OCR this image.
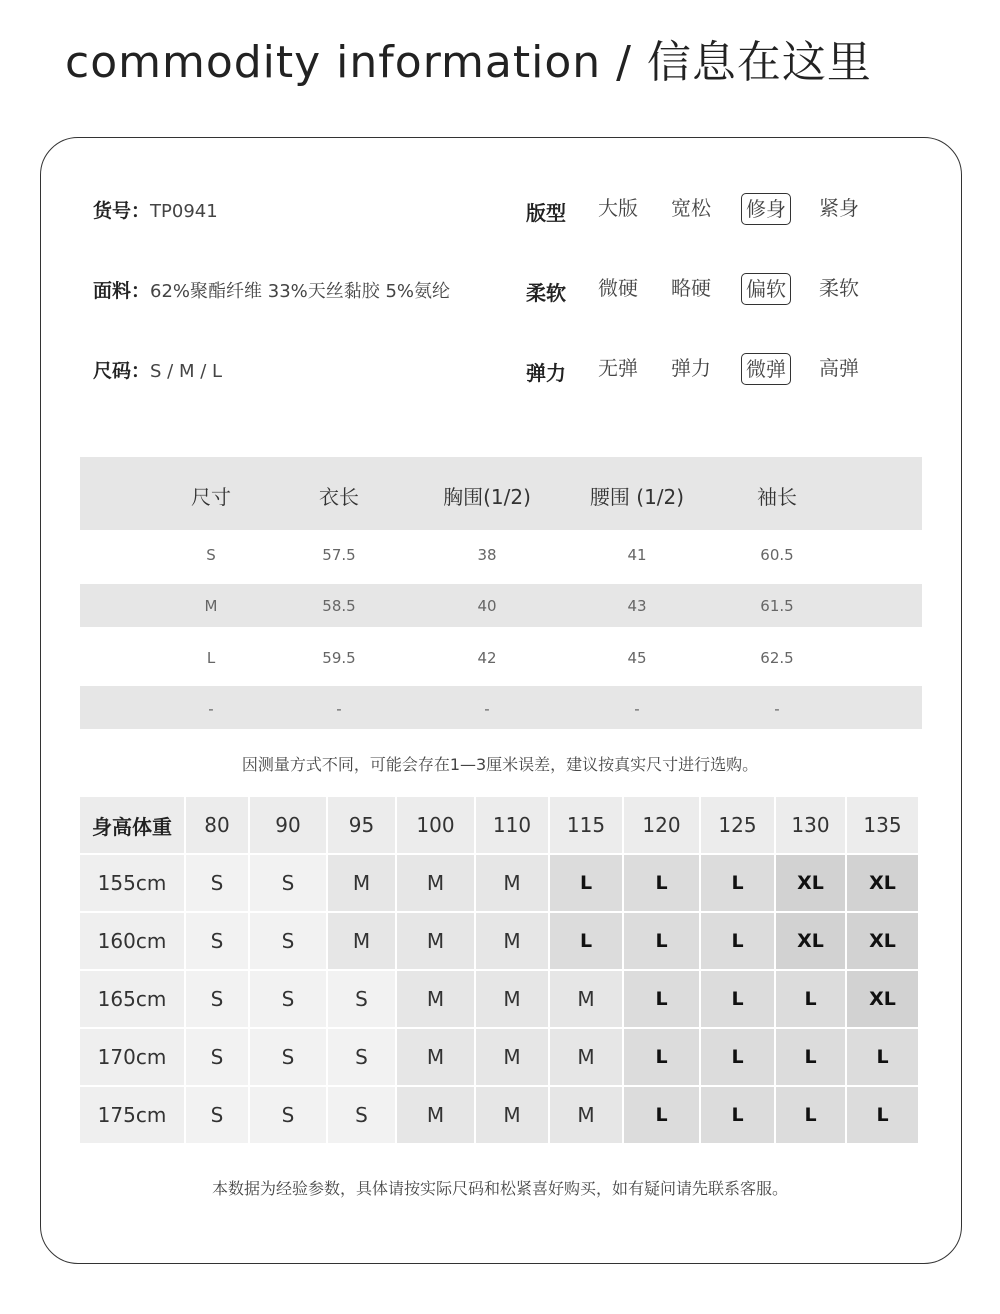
commodity information / 信息在这里
货号：TP0941
面料：62%聚酯纤维 33%天丝黏胶 5%氨纶
尺码：S / M / L
版型 大版 宽松 修身 紧身
柔软 微硬 略硬 偏软 柔软
弹力 无弹 弹力 微弹 高弹
尺寸	衣长	胸围(1/2)	腰围 (1/2)	袖长
S	57.5	38	41	60.5
M	58.5	40	43	61.5
L	59.5	42	45	62.5
-	-	-	-	-
身高体重	80	90	95	100	110	115	120	125	130	135
155cm	S	S	M	M	M	L	L	L	XL	XL
160cm	S	S	M	M	M	L	L	L	XL	XL
165cm	S	S	S	M	M	M	L	L	L	XL
170cm	S	S	S	M	M	M	L	L	L	L
175cm	S	S	S	M	M	M	L	L	L	L
因测量方式不同，可能会存在1—3厘米误差，建议按真实尺寸进行选购。
本数据为经验参数，具体请按实际尺码和松紧喜好购买，如有疑问请先联系客服。
